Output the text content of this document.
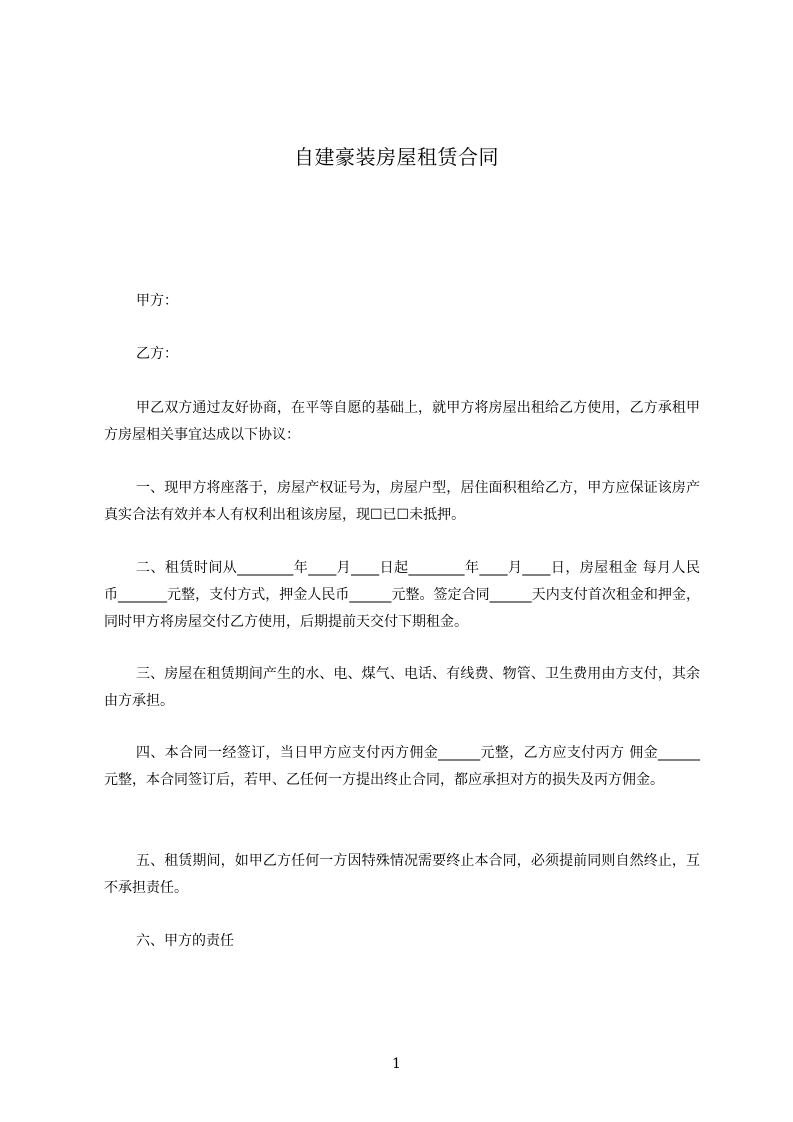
自建豪装房屋租赁合同

甲方：

乙方：

甲乙双方通过友好协商，在平等自愿的基础上，就甲方将房屋出租给乙方使用，乙方承租甲方房屋相关事宜达成以下协议：

一、现甲方将座落于，房屋产权证号为，房屋户型，居住面积租给乙方，甲方应保证该房产真实合法有效并本人有权利出租该房屋，现☐已☐未抵押。

二、租赁时间从________年____月____日起________年____月____日，房屋租金 每月人民币_______元整，支付方式，押金人民币______元整。签定合同______天内支付首次租金和押金，同时甲方将房屋交付乙方使用，后期提前天交付下期租金。

三、房屋在租赁期间产生的水、电、煤气、电话、有线费、物管、卫生费用由方支付，其余由方承担。

四、本合同一经签订，当日甲方应支付丙方佣金______元整，乙方应支付丙方 佣金______元整，本合同签订后，若甲、乙任何一方提出终止合同，都应承担对方的损失及丙方佣金。

五、租赁期间，如甲乙方任何一方因特殊情况需要终止本合同，必须提前同则自然终止，互不承担责任。

六、甲方的责任

1
